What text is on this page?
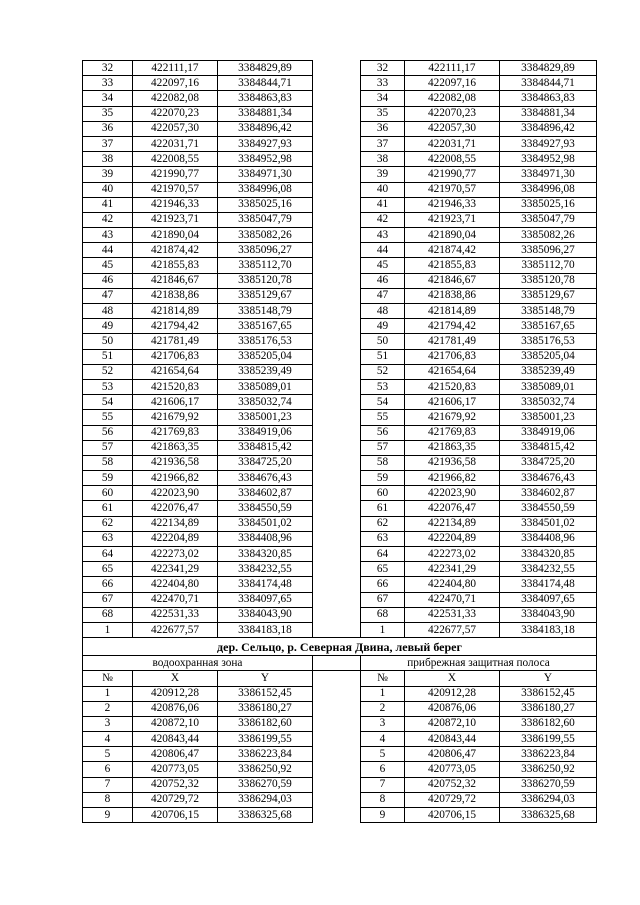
32	422111,17	3384829,89		32	422111,17	3384829,89
33	422097,16	3384844,71		33	422097,16	3384844,71
34	422082,08	3384863,83		34	422082,08	3384863,83
35	422070,23	3384881,34		35	422070,23	3384881,34
36	422057,30	3384896,42		36	422057,30	3384896,42
37	422031,71	3384927,93		37	422031,71	3384927,93
38	422008,55	3384952,98		38	422008,55	3384952,98
39	421990,77	3384971,30		39	421990,77	3384971,30
40	421970,57	3384996,08		40	421970,57	3384996,08
41	421946,33	3385025,16		41	421946,33	3385025,16
42	421923,71	3385047,79		42	421923,71	3385047,79
43	421890,04	3385082,26		43	421890,04	3385082,26
44	421874,42	3385096,27		44	421874,42	3385096,27
45	421855,83	3385112,70		45	421855,83	3385112,70
46	421846,67	3385120,78		46	421846,67	3385120,78
47	421838,86	3385129,67		47	421838,86	3385129,67
48	421814,89	3385148,79		48	421814,89	3385148,79
49	421794,42	3385167,65		49	421794,42	3385167,65
50	421781,49	3385176,53		50	421781,49	3385176,53
51	421706,83	3385205,04		51	421706,83	3385205,04
52	421654,64	3385239,49		52	421654,64	3385239,49
53	421520,83	3385089,01		53	421520,83	3385089,01
54	421606,17	3385032,74		54	421606,17	3385032,74
55	421679,92	3385001,23		55	421679,92	3385001,23
56	421769,83	3384919,06		56	421769,83	3384919,06
57	421863,35	3384815,42		57	421863,35	3384815,42
58	421936,58	3384725,20		58	421936,58	3384725,20
59	421966,82	3384676,43		59	421966,82	3384676,43
60	422023,90	3384602,87		60	422023,90	3384602,87
61	422076,47	3384550,59		61	422076,47	3384550,59
62	422134,89	3384501,02		62	422134,89	3384501,02
63	422204,89	3384408,96		63	422204,89	3384408,96
64	422273,02	3384320,85		64	422273,02	3384320,85
65	422341,29	3384232,55		65	422341,29	3384232,55
66	422404,80	3384174,48		66	422404,80	3384174,48
67	422470,71	3384097,65		67	422470,71	3384097,65
68	422531,33	3384043,90		68	422531,33	3384043,90
1	422677,57	3384183,18		1	422677,57	3384183,18
дер. Сельцо, р. Северная Двина, левый берег						
водоохранная зона				прибрежная защитная полоса		
№	X	Y		№	X	Y
1	420912,28	3386152,45		1	420912,28	3386152,45
2	420876,06	3386180,27		2	420876,06	3386180,27
3	420872,10	3386182,60		3	420872,10	3386182,60
4	420843,44	3386199,55		4	420843,44	3386199,55
5	420806,47	3386223,84		5	420806,47	3386223,84
6	420773,05	3386250,92		6	420773,05	3386250,92
7	420752,32	3386270,59		7	420752,32	3386270,59
8	420729,72	3386294,03		8	420729,72	3386294,03
9	420706,15	3386325,68		9	420706,15	3386325,68
